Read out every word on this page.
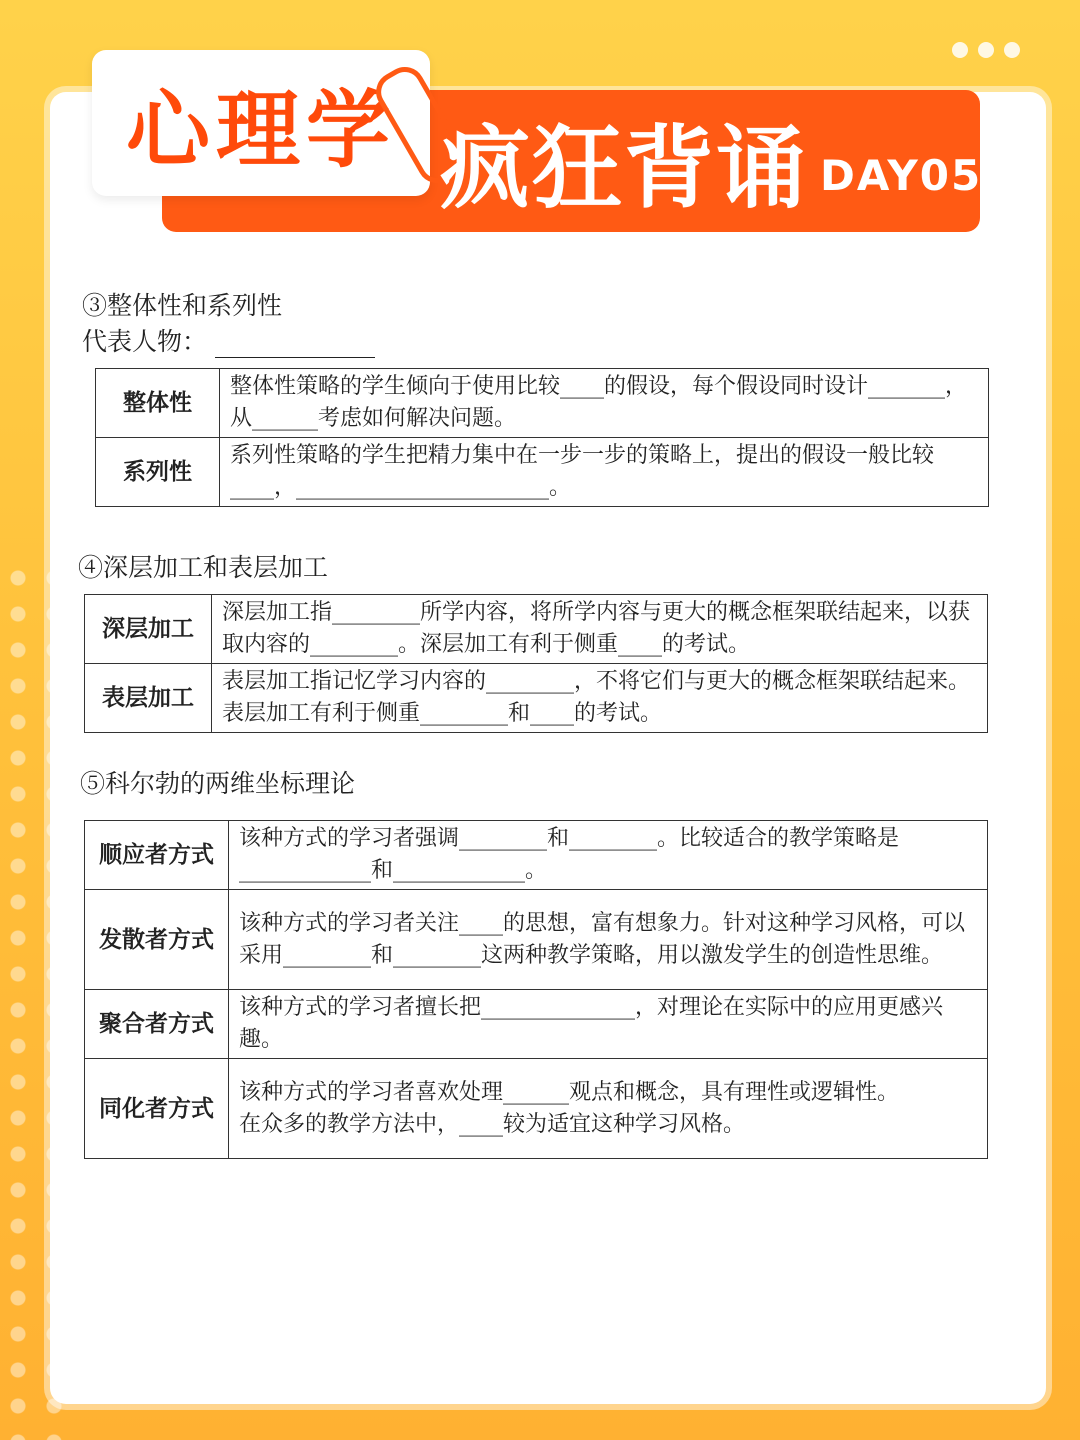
心理学 疯狂背诵 DAY05
③整体性和系列性
代表人物：
整体性	整体性策略的学生倾向于使用比较____的假设，每个假设同时设计_______，从______考虑如何解决问题。
系列性	系列性策略的学生把精力集中在一步一步的策略上，提出的假设一般比较____，_______________________。
④深层加工和表层加工
深层加工	深层加工指________所学内容，将所学内容与更大的概念框架联结起来，以获取内容的________。深层加工有利于侧重____的考试。
表层加工	表层加工指记忆学习内容的________，不将它们与更大的概念框架联结起来。表层加工有利于侧重________和____的考试。
⑤科尔勃的两维坐标理论
顺应者方式	该种方式的学习者强调________和________。比较适合的教学策略是____________和____________。
发散者方式	该种方式的学习者关注____的思想，富有想象力。针对这种学习风格，可以采用________和________这两种教学策略，用以激发学生的创造性思维。
聚合者方式	该种方式的学习者擅长把______________，对理论在实际中的应用更感兴趣。
同化者方式	该种方式的学习者喜欢处理______观点和概念，具有理性或逻辑性。
在众多的教学方法中，____较为适宜这种学习风格。
